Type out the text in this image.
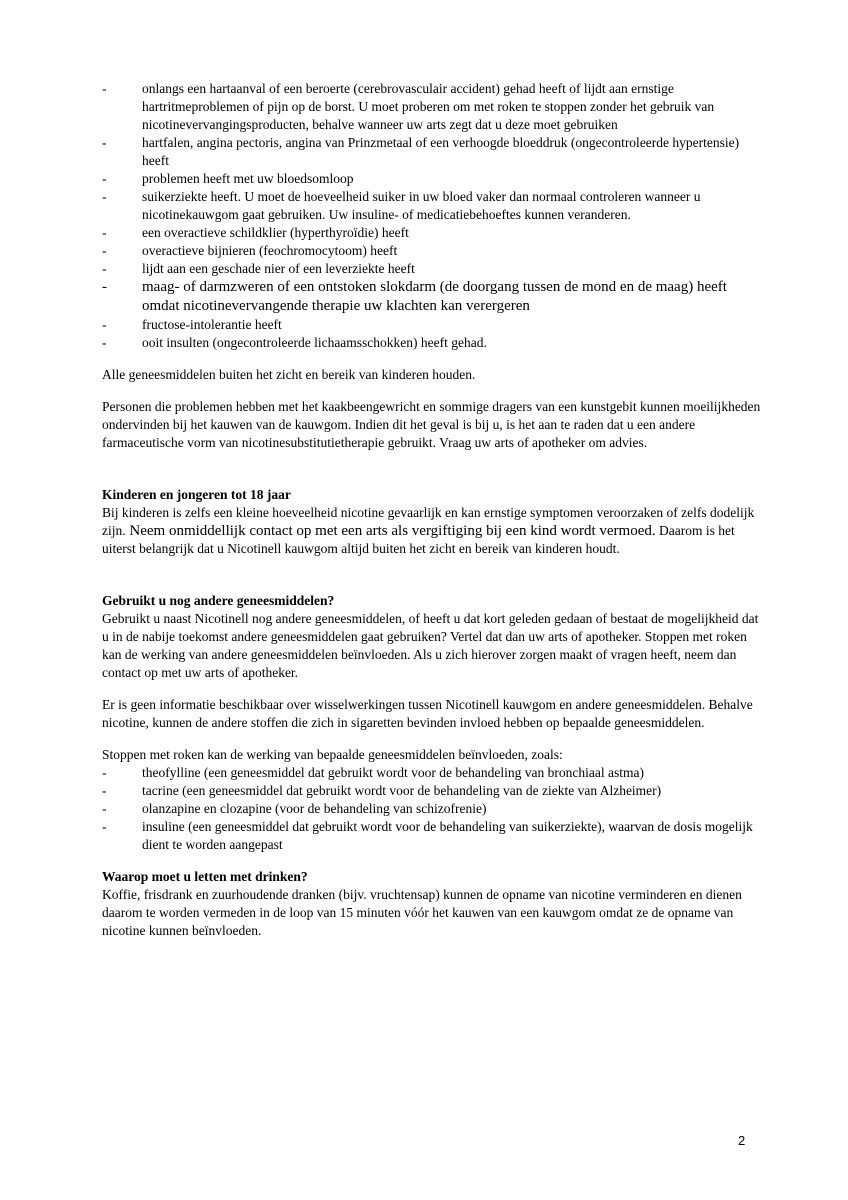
-	onlangs een hartaanval of een beroerte (cerebrovasculair accident) gehad heeft of lijdt aan ernstige hartritmeproblemen of pijn op de borst. U moet proberen om met roken te stoppen zonder het gebruik van nicotinevervangingsproducten, behalve wanneer uw arts zegt dat u deze moet gebruiken
-	hartfalen, angina pectoris, angina van Prinzmetaal of een verhoogde bloeddruk (ongecontroleerde hypertensie) heeft
-	problemen heeft met uw bloedsomloop
-	suikerziekte heeft. U moet de hoeveelheid suiker in uw bloed vaker dan normaal controleren wanneer u nicotinekauwgom gaat gebruiken. Uw insuline- of medicatiebehoeftes kunnen veranderen.
-	een overactieve schildklier (hyperthyroïdie) heeft
-	overactieve bijnieren (feochromocytoom) heeft
-	lijdt aan een geschade nier of een leverziekte heeft
- maag- of darmzweren of een ontstoken slokdarm (de doorgang tussen de mond en de maag) heeft omdat nicotinevervangende therapie uw klachten kan verergeren
-	fructose-intolerantie heeft
-	ooit insulten (ongecontroleerde lichaamsschokken) heeft gehad.

Alle geneesmiddelen buiten het zicht en bereik van kinderen houden.

Personen die problemen hebben met het kaakbeengewricht en sommige dragers van een kunstgebit kunnen moeilijkheden ondervinden bij het kauwen van de kauwgom. Indien dit het geval is bij u, is het aan te raden dat u een andere farmaceutische vorm van nicotinesubstitutietherapie gebruikt. Vraag uw arts of apotheker om advies.

Kinderen en jongeren tot 18 jaar

Bij kinderen is zelfs een kleine hoeveelheid nicotine gevaarlijk en kan ernstige symptomen veroorzaken of zelfs dodelijk zijn. Neem onmiddellijk contact op met een arts als vergiftiging bij een kind wordt vermoed. Daarom is het uiterst belangrijk dat u Nicotinell kauwgom altijd buiten het zicht en bereik van kinderen houdt.

Gebruikt u nog andere geneesmiddelen?

Gebruikt u naast Nicotinell nog andere geneesmiddelen, of heeft u dat kort geleden gedaan of bestaat de mogelijkheid dat u in de nabije toekomst andere geneesmiddelen gaat gebruiken? Vertel dat dan uw arts of apotheker. Stoppen met roken kan de werking van andere geneesmiddelen beïnvloeden. Als u zich hierover zorgen maakt of vragen heeft, neem dan contact op met uw arts of apotheker.

Er is geen informatie beschikbaar over wisselwerkingen tussen Nicotinell kauwgom en andere geneesmiddelen. Behalve nicotine, kunnen de andere stoffen die zich in sigaretten bevinden invloed hebben op bepaalde geneesmiddelen.

Stoppen met roken kan de werking van bepaalde geneesmiddelen beïnvloeden, zoals:

-	theofylline (een geneesmiddel dat gebruikt wordt voor de behandeling van bronchiaal astma)
-	tacrine (een geneesmiddel dat gebruikt wordt voor de behandeling van de ziekte van Alzheimer)
-	olanzapine en clozapine (voor de behandeling van schizofrenie)
-	insuline (een geneesmiddel dat gebruikt wordt voor de behandeling van suikerziekte), waarvan de dosis mogelijk dient te worden aangepast

Waarop moet u letten met drinken?

Koffie, frisdrank en zuurhoudende dranken (bijv. vruchtensap) kunnen de opname van nicotine verminderen en dienen daarom te worden vermeden in de loop van 15 minuten vóór het kauwen van een kauwgom omdat ze de opname van nicotine kunnen beïnvloeden.

2
